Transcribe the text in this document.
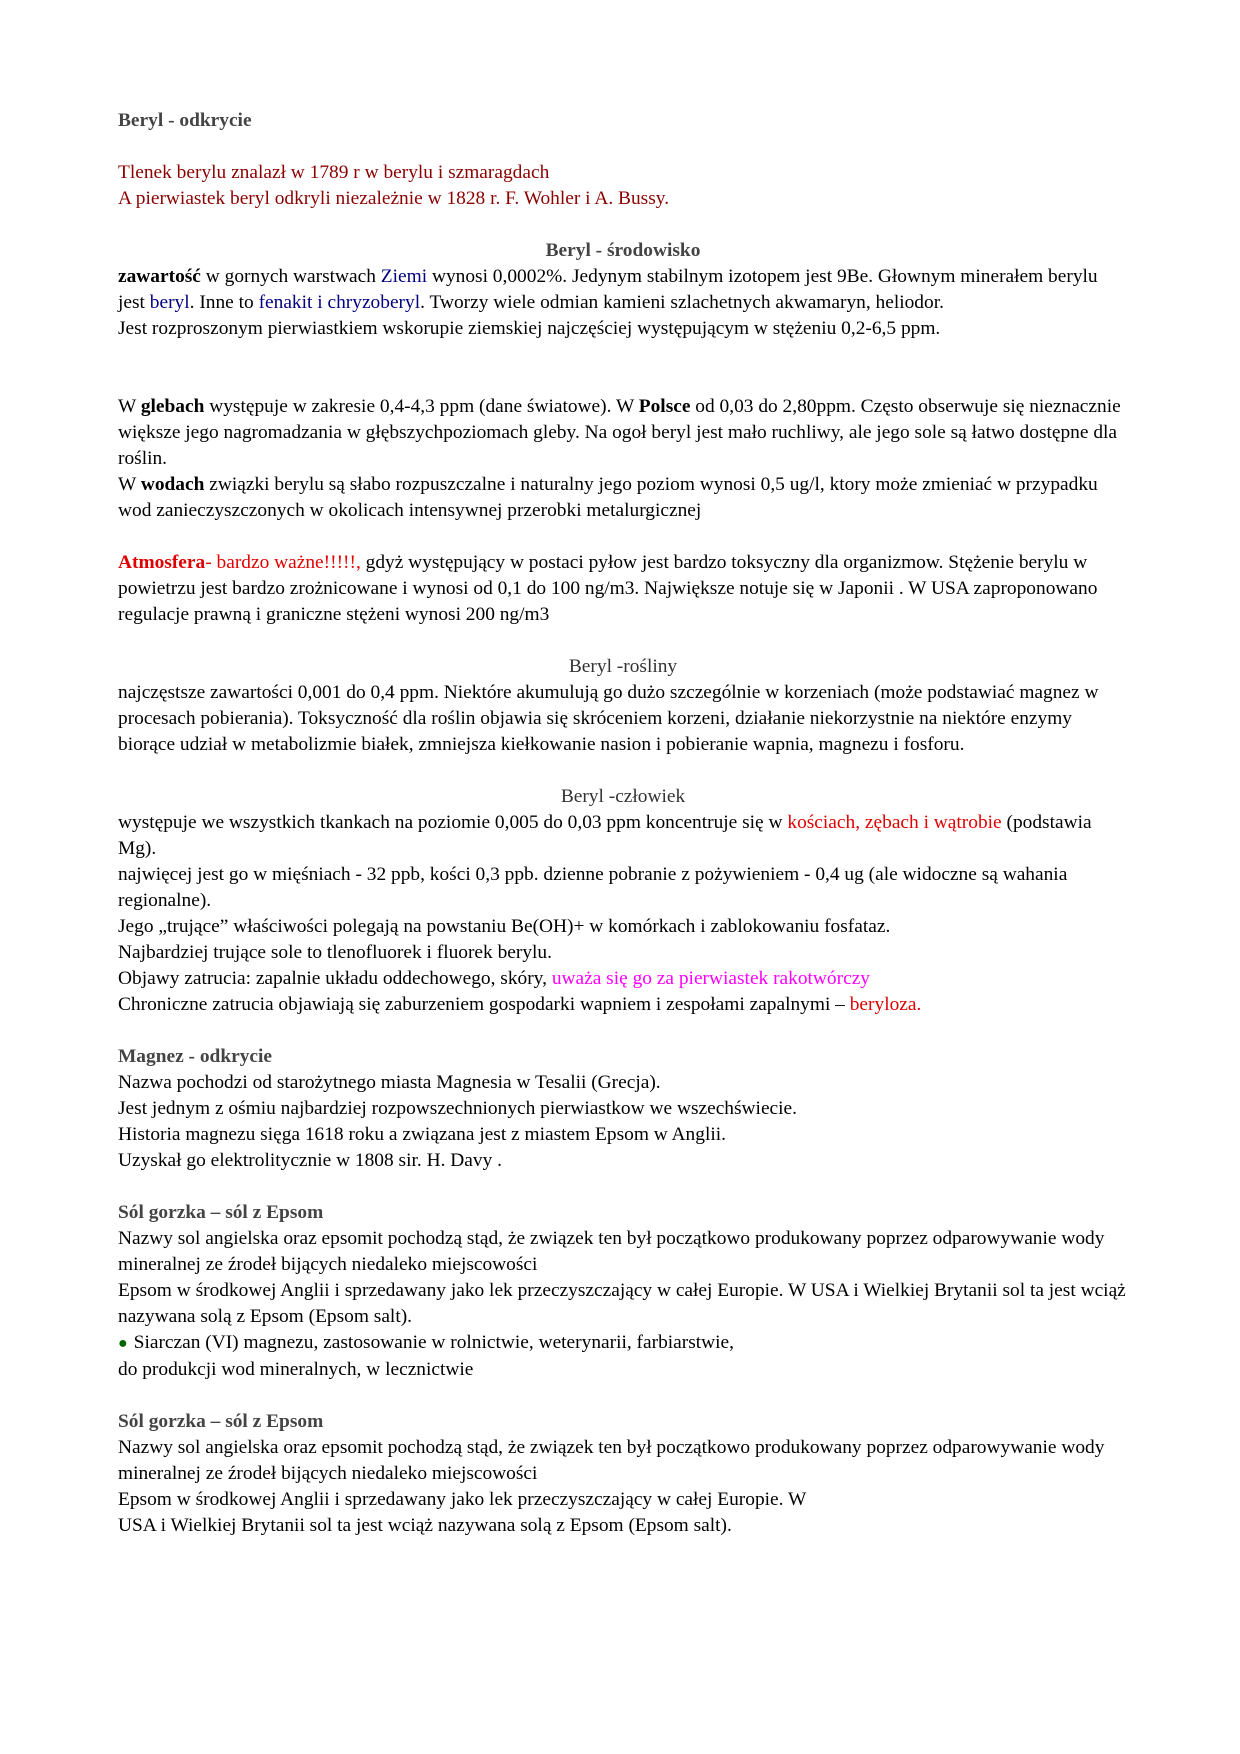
Beryl - odkrycie

Tlenek berylu znalazł w 1789 r w berylu i szmaragdach

A pierwiastek beryl odkryli niezależnie w 1828 r. F. Wohler i A. Bussy.

Beryl - środowisko

zawartość w gornych warstwach Ziemi wynosi 0,0002%. Jedynym stabilnym izotopem jest 9Be. Głownym minerałem berylu jest beryl. Inne to fenakit i chryzoberyl. Tworzy wiele odmian kamieni szlachetnych akwamaryn, heliodor.

Jest rozproszonym pierwiastkiem wskorupie ziemskiej najczęściej występującym w stężeniu 0,2-6,5 ppm.

W glebach występuje w zakresie 0,4-4,3 ppm (dane światowe). W Polsce od 0,03 do 2,80ppm. Często obserwuje się nieznacznie większe jego nagromadzania w głębszychpoziomach gleby. Na ogoł beryl jest mało ruchliwy, ale jego sole są łatwo dostępne dla roślin.

W wodach związki berylu są słabo rozpuszczalne i naturalny jego poziom wynosi 0,5 ug/l, ktory może zmieniać w przypadku wod zanieczyszczonych w okolicach intensywnej przerobki metalurgicznej

Atmosfera- bardzo ważne!!!!!, gdyż występujący w postaci pyłow jest bardzo toksyczny dla organizmow. Stężenie berylu w powietrzu jest bardzo zrożnicowane i wynosi od 0,1 do 100 ng/m3. Największe notuje się w Japonii . W USA zaproponowano regulacje prawną i graniczne stężeni wynosi 200 ng/m3

Beryl -rośliny

najczęstsze zawartości 0,001 do 0,4 ppm. Niektóre akumulują go dużo szczególnie w korzeniach (może podstawiać magnez w procesach pobierania). Toksyczność dla roślin objawia się skróceniem korzeni, działanie niekorzystnie na niektóre enzymy biorące udział w metabolizmie białek, zmniejsza kiełkowanie nasion i pobieranie wapnia, magnezu i fosforu.

Beryl -człowiek

występuje we wszystkich tkankach na poziomie 0,005 do 0,03 ppm koncentruje się w kościach, zębach i wątrobie (podstawia Mg).

najwięcej jest go w mięśniach - 32 ppb, kości 0,3 ppb. dzienne pobranie z pożywieniem - 0,4 ug (ale widoczne są wahania regionalne).

Jego „trujące” właściwości polegają na powstaniu Be(OH)+ w komórkach i zablokowaniu fosfataz.

Najbardziej trujące sole to tlenofluorek i fluorek berylu.

Objawy zatrucia: zapalnie układu oddechowego, skóry, uważa się go za pierwiastek rakotwórczy

Chroniczne zatrucia objawiają się zaburzeniem gospodarki wapniem i zespołami zapalnymi – beryloza.

Magnez - odkrycie

Nazwa pochodzi od starożytnego miasta Magnesia w Tesalii (Grecja).

Jest jednym z ośmiu najbardziej rozpowszechnionych pierwiastkow we wszechświecie.

Historia magnezu sięga 1618 roku a związana jest z miastem Epsom w Anglii.

Uzyskał go elektrolitycznie w 1808 sir. H. Davy .

Sól gorzka – sól z Epsom

Nazwy sol angielska oraz epsomit pochodzą stąd, że związek ten był początkowo produkowany poprzez odparowywanie wody mineralnej ze źrodeł bijących niedaleko miejscowości

Epsom w środkowej Anglii i sprzedawany jako lek przeczyszczający w całej Europie. W USA i Wielkiej Brytanii sol ta jest wciąż nazywana solą z Epsom (Epsom salt).

● Siarczan (VI) magnezu, zastosowanie w rolnictwie, weterynarii, farbiarstwie,

do produkcji wod mineralnych, w lecznictwie

Sól gorzka – sól z Epsom

Nazwy sol angielska oraz epsomit pochodzą stąd, że związek ten był początkowo produkowany poprzez odparowywanie wody mineralnej ze źrodeł bijących niedaleko miejscowości

Epsom w środkowej Anglii i sprzedawany jako lek przeczyszczający w całej Europie. W

USA i Wielkiej Brytanii sol ta jest wciąż nazywana solą z Epsom (Epsom salt).
